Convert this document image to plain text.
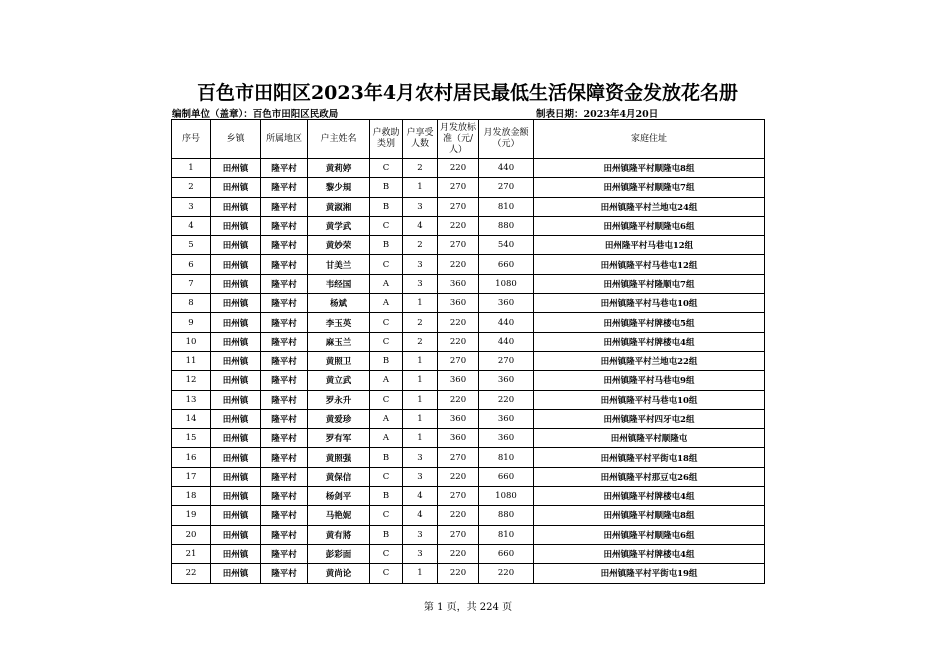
百色市田阳区2023年4月农村居民最低生活保障资金发放花名册
编制单位（盖章）：百色市田阳区民政局	制表日期：2023年4月20日
序号	乡镇	所属地区	户主姓名	户救助类别	户享受人数	月发放标准（元/人）	月发放金额（元）	家庭住址
1	田州镇	隆平村	黄莉婷	C	2	220	440	田州镇隆平村顺隆屯8组
2	田州镇	隆平村	黎少規	B	1	270	270	田州镇隆平村顺隆屯7组
3	田州镇	隆平村	黄淑湘	B	3	270	810	田州镇隆平村兰地屯24组
4	田州镇	隆平村	黄学武	C	4	220	880	田州镇隆平村顺隆屯6组
5	田州镇	隆平村	黄妙荣	B	2	270	540	田州隆平村马巷屯12组
6	田州镇	隆平村	甘美兰	C	3	220	660	田州镇隆平村马巷屯12组
7	田州镇	隆平村	韦经国	A	3	360	1080	田州镇隆平村隆顺屯7组
8	田州镇	隆平村	杨斌	A	1	360	360	田州镇隆平村马巷屯10组
9	田州镇	隆平村	李玉英	C	2	220	440	田州镇隆平村牌楼屯5组
10	田州镇	隆平村	麻玉兰	C	2	220	440	田州镇隆平村牌楼屯4组
11	田州镇	隆平村	黄照卫	B	1	270	270	田州镇隆平村兰地屯22组
12	田州镇	隆平村	黄立武	A	1	360	360	田州镇隆平村马巷屯9组
13	田州镇	隆平村	罗永升	C	1	220	220	田州镇隆平村马巷屯10组
14	田州镇	隆平村	黄爱珍	A	1	360	360	田州镇隆平村四牙屯2组
15	田州镇	隆平村	罗有军	A	1	360	360	田州镇隆平村顺隆屯
16	田州镇	隆平村	黄照强	B	3	270	810	田州镇隆平村平街屯18组
17	田州镇	隆平村	黄保信	C	3	220	660	田州镇隆平村那豆屯26组
18	田州镇	隆平村	杨剑平	B	4	270	1080	田州镇隆平村牌楼屯4组
19	田州镇	隆平村	马艳妮	C	4	220	880	田州镇隆平村顺隆屯8组
20	田州镇	隆平村	黄有將	B	3	270	810	田州镇隆平村顺隆屯6组
21	田州镇	隆平村	彭彩面	C	3	220	660	田州镇隆平村牌楼屯4组
22	田州镇	隆平村	黄尚论	C	1	220	220	田州镇隆平村平街屯19组
第 1 页，共 224 页
